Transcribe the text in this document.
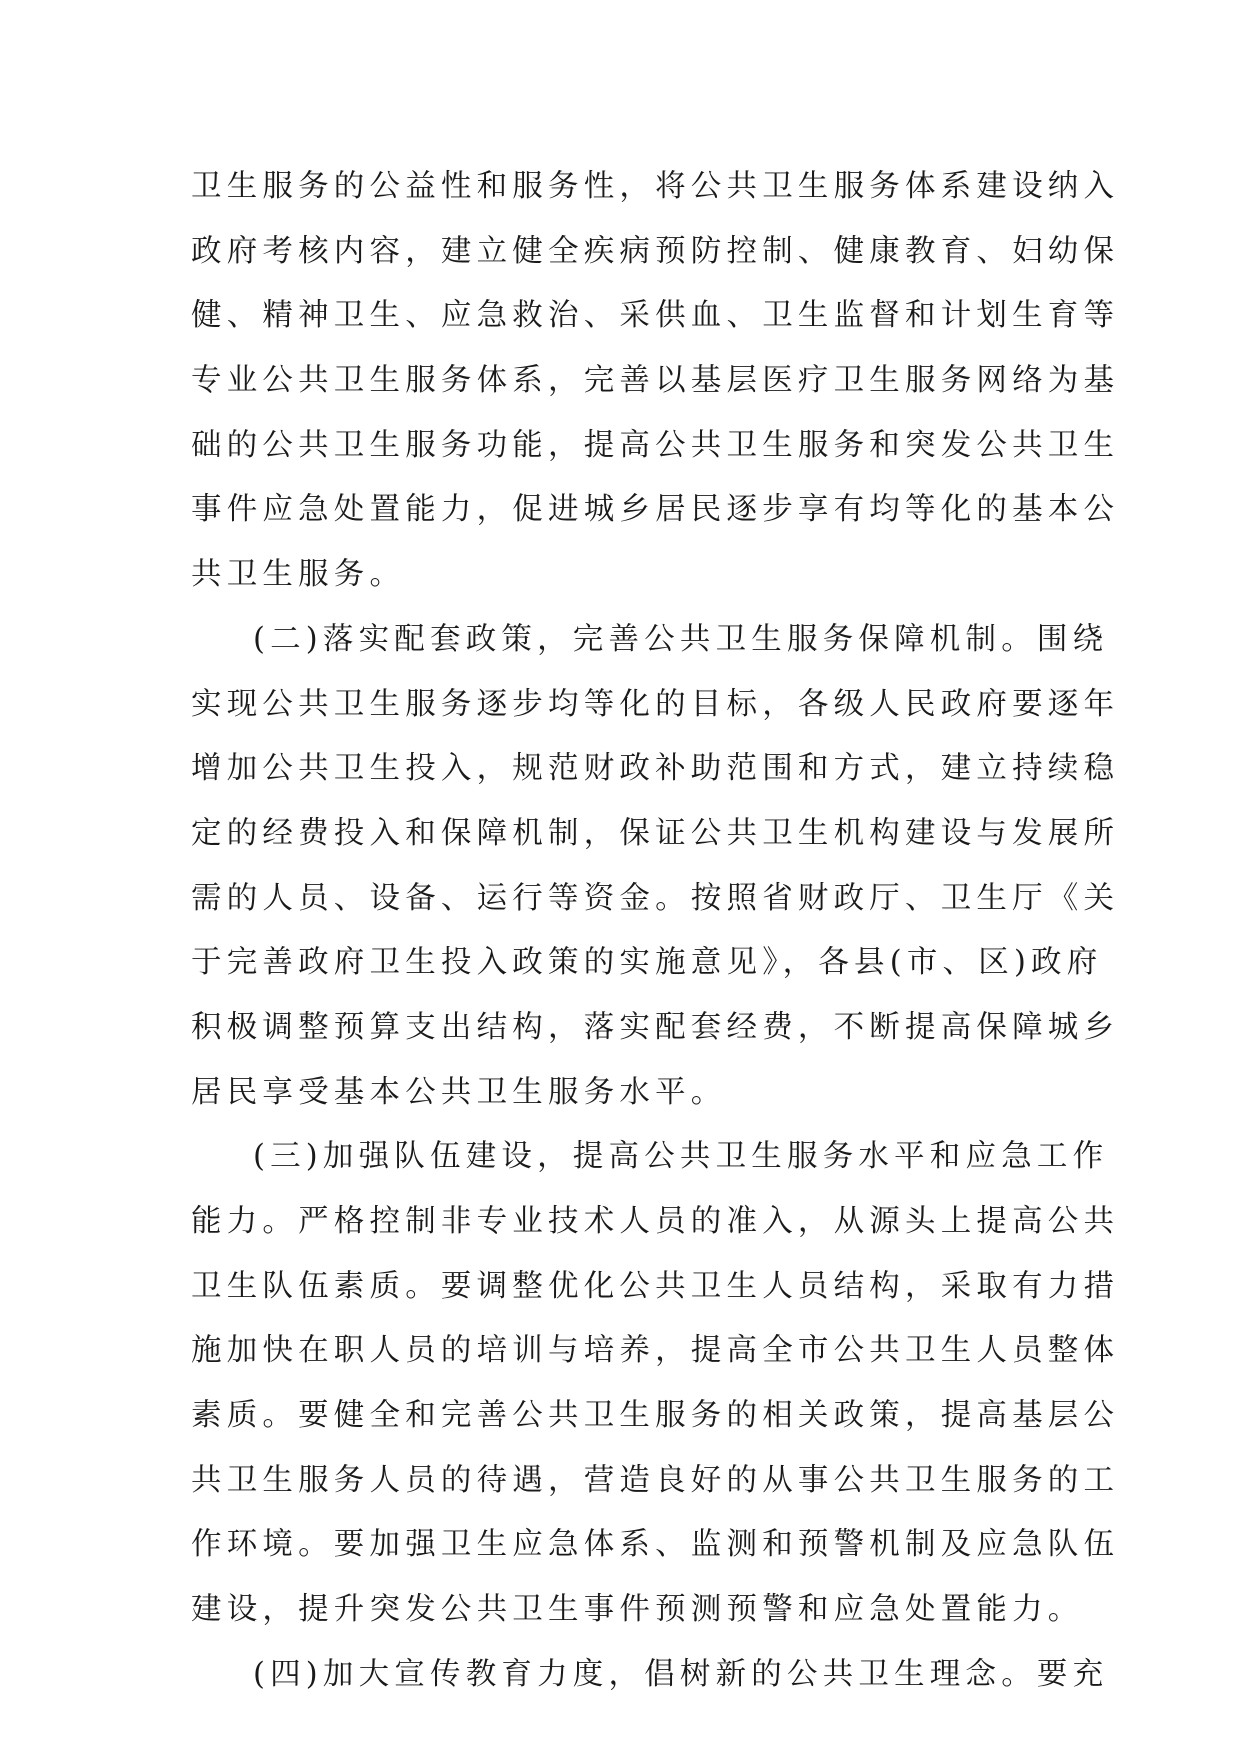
卫生服务的公益性和服务性，将公共卫生服务体系建设纳入
政府考核内容，建立健全疾病预防控制、健康教育、妇幼保
健、精神卫生、应急救治、采供血、卫生监督和计划生育等
专业公共卫生服务体系，完善以基层医疗卫生服务网络为基
础的公共卫生服务功能，提高公共卫生服务和突发公共卫生
事件应急处置能力，促进城乡居民逐步享有均等化的基本公
共卫生服务。
(二)落实配套政策，完善公共卫生服务保障机制。围绕
实现公共卫生服务逐步均等化的目标，各级人民政府要逐年
增加公共卫生投入，规范财政补助范围和方式，建立持续稳
定的经费投入和保障机制，保证公共卫生机构建设与发展所
需的人员、设备、运行等资金。按照省财政厅、卫生厅《关
于完善政府卫生投入政策的实施意见》，各县(市、区)政府
积极调整预算支出结构，落实配套经费，不断提高保障城乡
居民享受基本公共卫生服务水平。
(三)加强队伍建设，提高公共卫生服务水平和应急工作
能力。严格控制非专业技术人员的准入，从源头上提高公共
卫生队伍素质。要调整优化公共卫生人员结构，采取有力措
施加快在职人员的培训与培养，提高全市公共卫生人员整体
素质。要健全和完善公共卫生服务的相关政策，提高基层公
共卫生服务人员的待遇，营造良好的从事公共卫生服务的工
作环境。要加强卫生应急体系、监测和预警机制及应急队伍
建设，提升突发公共卫生事件预测预警和应急处置能力。
(四)加大宣传教育力度，倡树新的公共卫生理念。要充
